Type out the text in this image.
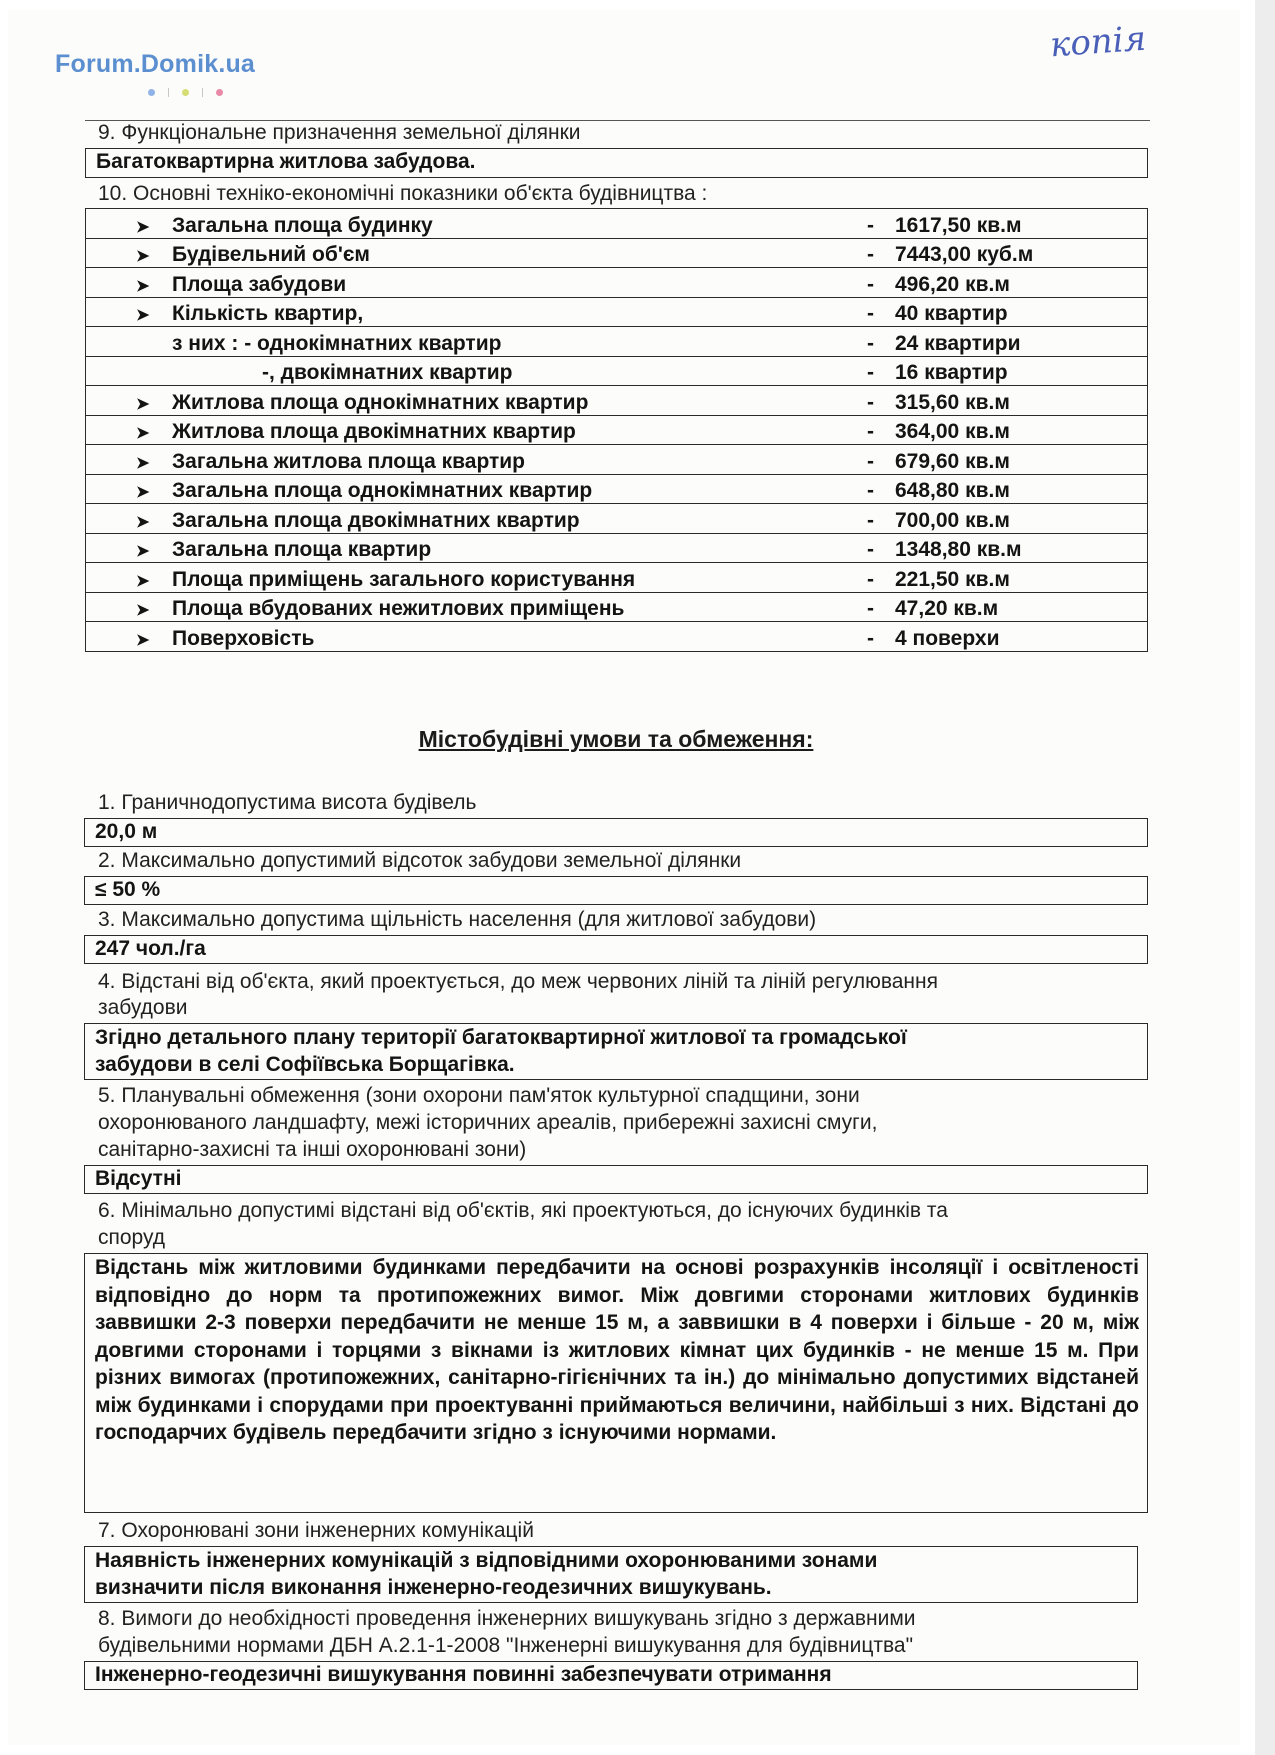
Forum.Domik.ua	копія
9. Функціональне призначення земельної ділянки
Багатоквартирна житлова забудова.
10. Основні техніко-економічні показники об'єкта будівництва :
➤ Загальна площа будинку	- 1617,50 кв.м
➤ Будівельний об'єм	- 7443,00 куб.м
➤ Площа забудови	- 496,20 кв.м
➤ Кількість квартир,	- 40 квартир
з них : - однокімнатних квартир	- 24 квартири
-, двокімнатних квартир	- 16 квартир
➤ Житлова площа однокімнатних квартир	- 315,60 кв.м
➤ Житлова площа двокімнатних квартир	- 364,00 кв.м
➤ Загальна житлова площа квартир	- 679,60 кв.м
➤ Загальна площа однокімнатних квартир	- 648,80 кв.м
➤ Загальна площа двокімнатних квартир	- 700,00 кв.м
➤ Загальна площа квартир	- 1348,80 кв.м
➤ Площа приміщень загального користування	- 221,50 кв.м
➤ Площа вбудованих нежитлових приміщень	- 47,20 кв.м
➤ Поверховість	- 4 поверхи
Містобудівні умови та обмеження:
1. Граничнодопустима висота будівель
20,0 м
2. Максимально допустимий відсоток забудови земельної ділянки
≤ 50 %
3. Максимально допустима щільність населення (для житлової забудови)
247 чол./га
4. Відстані від об'єкта, який проектується, до меж червоних ліній та ліній регулювання
забудови
Згідно детального плану території багатоквартирної житлової та громадської
забудови в селі Софіївська Борщагівка.
5. Планувальні обмеження (зони охорони пам'яток культурної спадщини, зони
охоронюваного ландшафту, межі історичних ареалів, прибережні захисні смуги,
санітарно-захисні та інші охоронювані зони)
Відсутні
6. Мінімально допустимі відстані від об'єктів, які проектуються, до існуючих будинків та
споруд
Відстань між житловими будинками передбачити на основі розрахунків інсоляції і освітленості відповідно до норм та протипожежних вимог. Між довгими сторонами житлових будинків заввишки 2-3 поверхи передбачити не менше 15 м, а заввишки в 4 поверхи і більше - 20 м, між довгими сторонами і торцями з вікнами із житлових кімнат цих будинків - не менше 15 м. При різних вимогах (протипожежних, санітарно-гігієнічних та ін.) до мінімально допустимих відстаней між будинками і спорудами при проектуванні приймаються величини, найбільші з них. Відстані до господарчих будівель передбачити згідно з існуючими нормами.
7. Охоронювані зони інженерних комунікацій
Наявність інженерних комунікацій з відповідними охоронюваними зонами
визначити після виконання інженерно-геодезичних вишукувань.
8. Вимоги до необхідності проведення інженерних вишукувань згідно з державними
будівельними нормами ДБН А.2.1-1-2008 "Інженерні вишукування для будівництва"
Інженерно-геодезичні вишукування повинні забезпечувати отримання
